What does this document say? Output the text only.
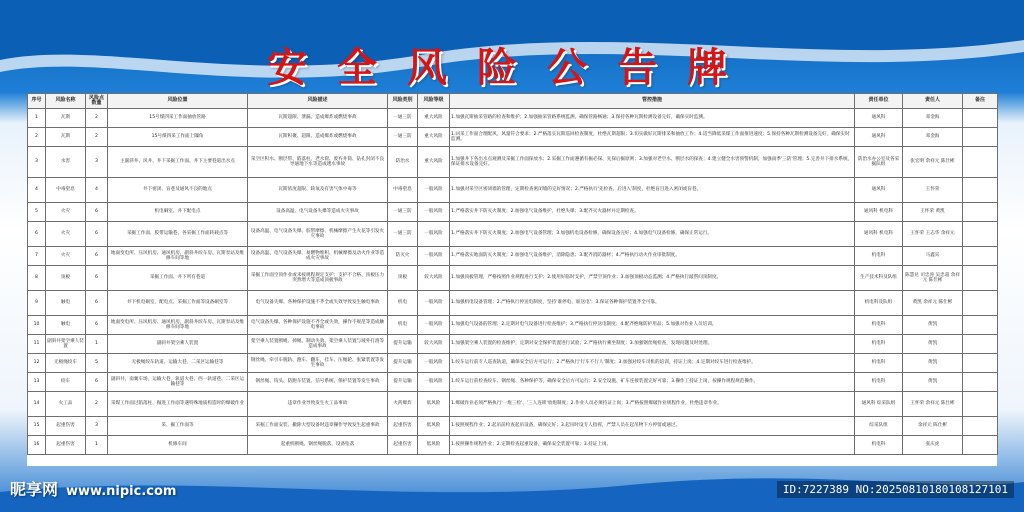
安全风险公告牌
序号	风险名称	风险点数量	风险位置	风险描述	风险类别	风险等级	管控措施	责任单位	责任人	备注
1	瓦斯	2	15号煤四采工作面抽放管路	瓦斯超限、泄漏、造成爆炸或燃烧事故	一通三防	重大风险	1.加强瓦斯抽采管路的检查和维护；2.加强抽采管路系统监测，确保管路畅通；3.保持各种瓦斯检测设备完好，确保实时监测。	通风科	邓金海	
2	瓦斯	2	15号煤四采工作面上隅角	瓦斯积聚、超限、造成爆炸或燃烧事故	一通三防	重大风险	1.回采工作面合理配风，风量符合要求；2.严格落实瓦斯巡回检查制度，杜绝瓦斯超限；3.切实做好瓦斯排采和抽放工作；4.适当降低采煤工作面推进速度；5.保持各种瓦斯检测设备完好，确保实时监测。	通风科	邓金海	
3	水害	3	主副斜井、风井、井下采掘工作面、井下主要巷道出水点	采空区积水、断层带、陷落柱、老水窟、废弃井筒、钻孔封闭不良导通地下水等造成透水事故	防治水	重大风险	1.加强井下各出水点观测及采掘工作面探放水；2.采掘工作面遵循有掘必探、先探后掘原则；3.加强对老空水、断层水的探查；4.建立健全水害预警机制，加强雨季'三防'管理；5.完善井下排水系统，保证排水设备完好。	防治水办公室及各采掘队组	张宏明 余祥元 陈仕彬	
4	中毒窒息	4	井下密闭、盲巷及通风不良的地点	瓦斯浓度超限、缺氧及有害气体中毒等	中毒窒息	一般风险	1.加强对采空区密闭墙的管理，定期检查密闭墙的完好情况；2.严格执行'先检查、后进入'制度，杜绝盲目进入密闭或盲巷。	通风科	王怀荣	
5	火灾	6	机电硐室、井下配电点	设备高温、电气设备失爆等造成火灾事故	一通三防	一般风险	1.严格落实井下防灭火制度；2.加强电气设备维护，杜绝失爆；3.配齐灭火器材并定期检查。	通风科 机电科	王怀荣 黄凯	
6	火灾	6	采掘工作面、胶带运输巷、各采掘工作面转载点等	设备高温、电气设备失爆、胶带摩擦、机械摩擦产生火花等引发火灾事故	一通三防	一般风险	1.严格落实井下防灭火制度；2.加强电气设备管理；3.加强机电设备检修，确保设备完好；4.加强电气设备检修，确保正常运行。	通风科 机电科	王怀荣 王志华 余祥元	
7	火灾	6	地面变电所、压风机房、通风机房、副斜井绞车房、瓦斯泵站及维修车间等地	设备高温、电气设备失爆、易燃物堆积、机械摩擦及动火作业等造成火灾事故	防灭火	一般风险	1.严格落实地面防灭火制度；2.加强电气设备维护，消除隐患；3.配齐消防器材；4.严格执行动火作业审批制度。	机电科	马鑫宾	
8	顶板	6	采掘工作面、井下所有巷道	采掘工作面空顶作业或未按规程规定支护；支护不合格、顶板压力突然增大等造成顶板事故	顶板	较大风险	1.加强顶板管理，严格按照作业规程进行支护；2.使用好临时支护，严禁空顶作业；3.加强顶板动态监测；4.严格执行敲帮问顶制度。	生产技术科及队组	陈慧兑 司忠涛 吴忠超 余祥元 陈仕彬	
9	触电	6	井下机电硐室、配电点、采掘工作面等设备硐室等	电气设备失爆、各种保护设施不齐全或失效导致发生触电事故	机电	一般风险	1.加强机电设备管理；2.严格执行停送电制度，坚持'谁停电、谁送电'；3.保证各种保护装置齐全可靠。	机电科及队组	黄凯 余祥元 陈仕彬	
10	触电	6	地面变电所、压风机房、通风机房、副斜井绞车房、瓦斯泵站及维修车间等地	电气设备失爆、各种保护设施不齐全或失效，操作不规范等造成触电事故	机电	一般风险	1.加强电气设备的管理；2.定期对电气设备进行检查维护；3.严格执行停送电制度；4.配齐绝缘防护用品；5.加强对作业人员培训。	机电科	黄凯	
11	副斜井架空乘人装置	1	副斜井架空乘人装置	架空乘人装置断绳、掉绳、制动失效、架空乘人装置与坡外打滑等造成事故	提升运输	较大风险	1.加强架空乘人装置的检查维护，定期对安全保护装置进行试验；2.严格执行乘坐制度；3.加强钢丝绳检查，发现问题及时处理。	机电科	黄凯	
12	无极绳绞车	5	无极绳绞车轨道、运输大巷、二采区运输巷等	钢丝绳、牵引车脱轨、跑车、翻车，挂车、压绳轮、张紧装置等发生事故	提升运输	一般风险	1.绞车运行前专人巡查轨道，确保安全后方可运行；2.严格执行'行车不行人'制度；3.加强对绞车司机的培训，持证上岗；4.定期对绞车进行检查维护。	机电科	黄凯	
13	绞车	6	副斜井、南翼车场、运输大巷、轨道大巷、西一轨道巷、二采区运输巷等	钢丝绳、钩头、防跑车装置、信号系统、保护装置等发生事故	提升运输	一般风险	1.绞车运行前检查绞车、钢丝绳、各种保护等，确保安全后方可运行；2.安全设施、矿车连接装置完好可靠；3.操作工持证上岗，按操作规程规范操作。	机电科	黄凯	
14	火工品	2	采煤工作面过陷落柱、掘进工作面等遇特殊地质构造时的爆破作业	违章作业导致发生火工品事故	火药爆炸	低风险	1.爆破作业必须严格执行'一炮三检'、'三人连锁'放炮制度；2.作业人员必须持证上岗；3.严格按照爆破作业规程作业，杜绝违章作业。	通风科 综采队组	王怀荣 余祥元 陈仕彬	
15	起重伤害	3	采、掘工作面等	采掘工作面安装、撤除大型设备时违章操作导致发生起重事故	起重伤害	低风险	1.按照规程作业；2.起吊前检查起吊设备，确保完好；3.起吊时设专人指挥，严禁人员在起吊物下方停留或通过。	综采队组	余祥元 陈仕彬	
16	起重伤害	1	机修车间	起重机断绳、钢丝绳脱落、设备坠落	起重伤害	低风险	1.按照操作规程作业；2.定期检查起重设备，确保安全装置可靠；3.持证上岗。	机电科	张庆虎	
昵享网 www.nipic.com	ID:7227389 NO:20250810180108127101
